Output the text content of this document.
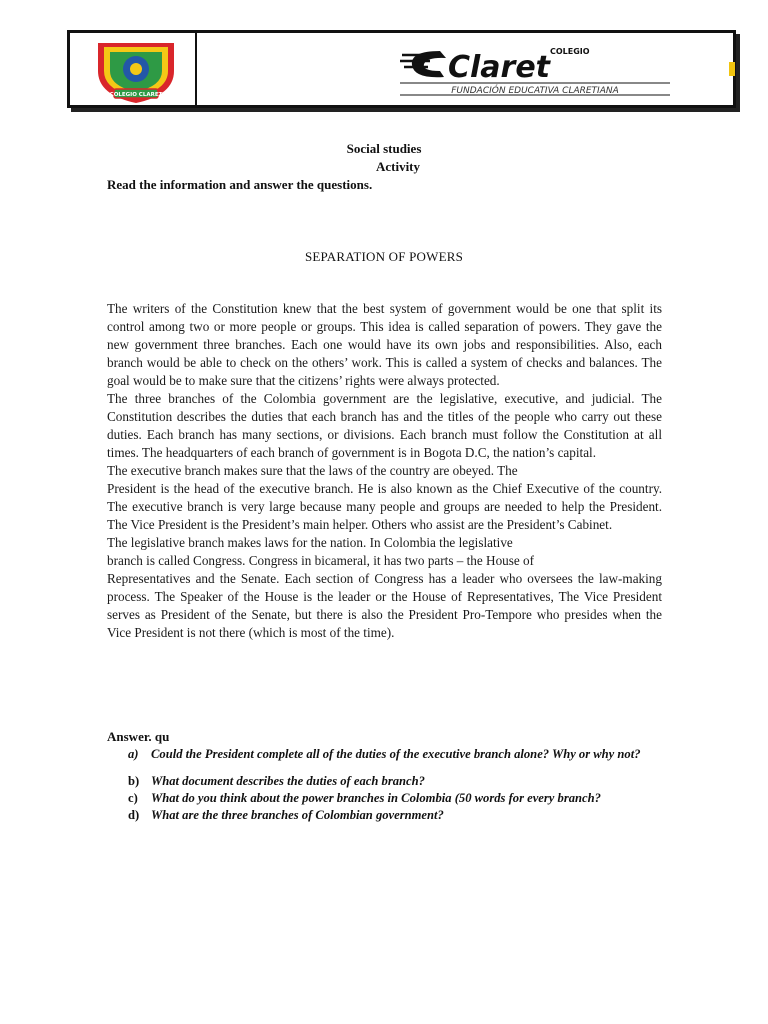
COLEGIO CLARET
COLEGIO
Claret
FUNDACIÓN EDUCATIVA CLARETIANA
Social studies
Activity
Read the information and answer the questions.
SEPARATION OF POWERS

The writers of the Constitution knew that the best system of government would be one that split its control among two or more people or groups. This idea is called separation of powers. They gave the new government three branches. Each one would have its own jobs and responsibilities. Also, each branch would be able to check on the others’ work. This is called a system of checks and balances. The goal would be to make sure that the citizens’ rights were always protected.

The three branches of the Colombia government are the legislative, executive, and judicial. The Constitution describes the duties that each branch has and the titles of the people who carry out these duties. Each branch has many sections, or divisions. Each branch must follow the Constitution at all times. The headquarters of each branch of government is in Bogota D.C, the nation’s capital.

The executive branch makes sure that the laws of the country are obeyed. The

President is the head of the executive branch. He is also known as the Chief Executive of the country. The executive branch is very large because many people and groups are needed to help the President. The Vice President is the President’s main helper. Others who assist are the President’s Cabinet.

The legislative branch makes laws for the nation. In Colombia the legislative

branch is called Congress. Congress in bicameral, it has two parts – the House of

Representatives and the Senate. Each section of Congress has a leader who oversees the law-making process. The Speaker of the House is the leader or the House of Representatives, The Vice President serves as President of the Senate, but there is also the President Pro-Tempore who presides when the Vice President is not there (which is most of the time).

Answer. qu
a) Could the President complete all of the duties of the executive branch alone? Why or why not?
b) What document describes the duties of each branch?
c)	What do you think about the power branches in Colombia (50 words for every branch?
d) What are the three branches of Colombian government?
